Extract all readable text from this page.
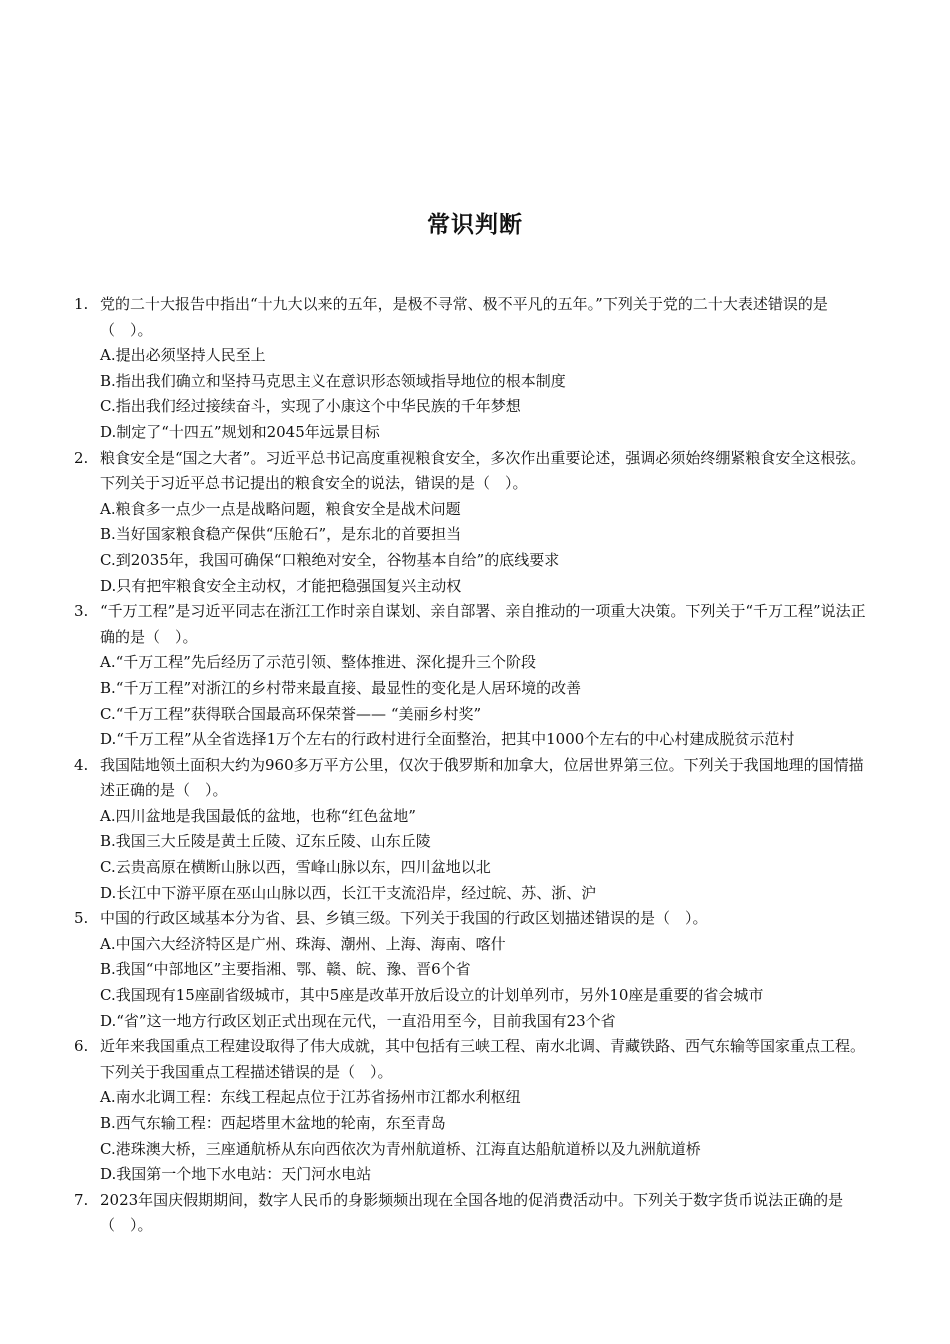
常识判断
1. 党的二十大报告中指出“十九大以来的五年，是极不寻常、极不平凡的五年。”下列关于党的二十大表述错误的是（　）。
A.提出必须坚持人民至上
B.指出我们确立和坚持马克思主义在意识形态领域指导地位的根本制度
C.指出我们经过接续奋斗，实现了小康这个中华民族的千年梦想
D.制定了“十四五”规划和2045年远景目标
2. 粮食安全是“国之大者”。习近平总书记高度重视粮食安全，多次作出重要论述，强调必须始终绷紧粮食安全这根弦。下列关于习近平总书记提出的粮食安全的说法，错误的是（　）。
A.粮食多一点少一点是战略问题，粮食安全是战术问题
B.当好国家粮食稳产保供“压舱石”，是东北的首要担当
C.到2035年，我国可确保“口粮绝对安全，谷物基本自给”的底线要求
D.只有把牢粮食安全主动权，才能把稳强国复兴主动权
3. “千万工程”是习近平同志在浙江工作时亲自谋划、亲自部署、亲自推动的一项重大决策。下列关于“千万工程”说法正确的是（　）。
A.“千万工程”先后经历了示范引领、整体推进、深化提升三个阶段
B.“千万工程”对浙江的乡村带来最直接、最显性的变化是人居环境的改善
C.“千万工程”获得联合国最高环保荣誉—— “美丽乡村奖”
D.“千万工程”从全省选择1万个左右的行政村进行全面整治，把其中1000个左右的中心村建成脱贫示范村
4. 我国陆地领土面积大约为960多万平方公里，仅次于俄罗斯和加拿大，位居世界第三位。下列关于我国地理的国情描述正确的是（　）。
A.四川盆地是我国最低的盆地，也称“红色盆地”
B.我国三大丘陵是黄土丘陵、辽东丘陵、山东丘陵
C.云贵高原在横断山脉以西，雪峰山脉以东，四川盆地以北
D.长江中下游平原在巫山山脉以西，长江干支流沿岸，经过皖、苏、浙、沪
5. 中国的行政区域基本分为省、县、乡镇三级。下列关于我国的行政区划描述错误的是（　）。
A.中国六大经济特区是广州、珠海、潮州、上海、海南、喀什
B.我国“中部地区”主要指湘、鄂、赣、皖、豫、晋6个省
C.我国现有15座副省级城市，其中5座是改革开放后设立的计划单列市，另外10座是重要的省会城市
D.“省”这一地方行政区划正式出现在元代，一直沿用至今，目前我国有23个省
6. 近年来我国重点工程建设取得了伟大成就，其中包括有三峡工程、南水北调、青藏铁路、西气东输等国家重点工程。下列关于我国重点工程描述错误的是（　）。
A.南水北调工程：东线工程起点位于江苏省扬州市江都水利枢纽
B.西气东输工程：西起塔里木盆地的轮南，东至青岛
C.港珠澳大桥，三座通航桥从东向西依次为青州航道桥、江海直达船航道桥以及九洲航道桥
D.我国第一个地下水电站：天门河水电站
7. 2023年国庆假期期间，数字人民币的身影频频出现在全国各地的促消费活动中。下列关于数字货币说法正确的是（　）。
